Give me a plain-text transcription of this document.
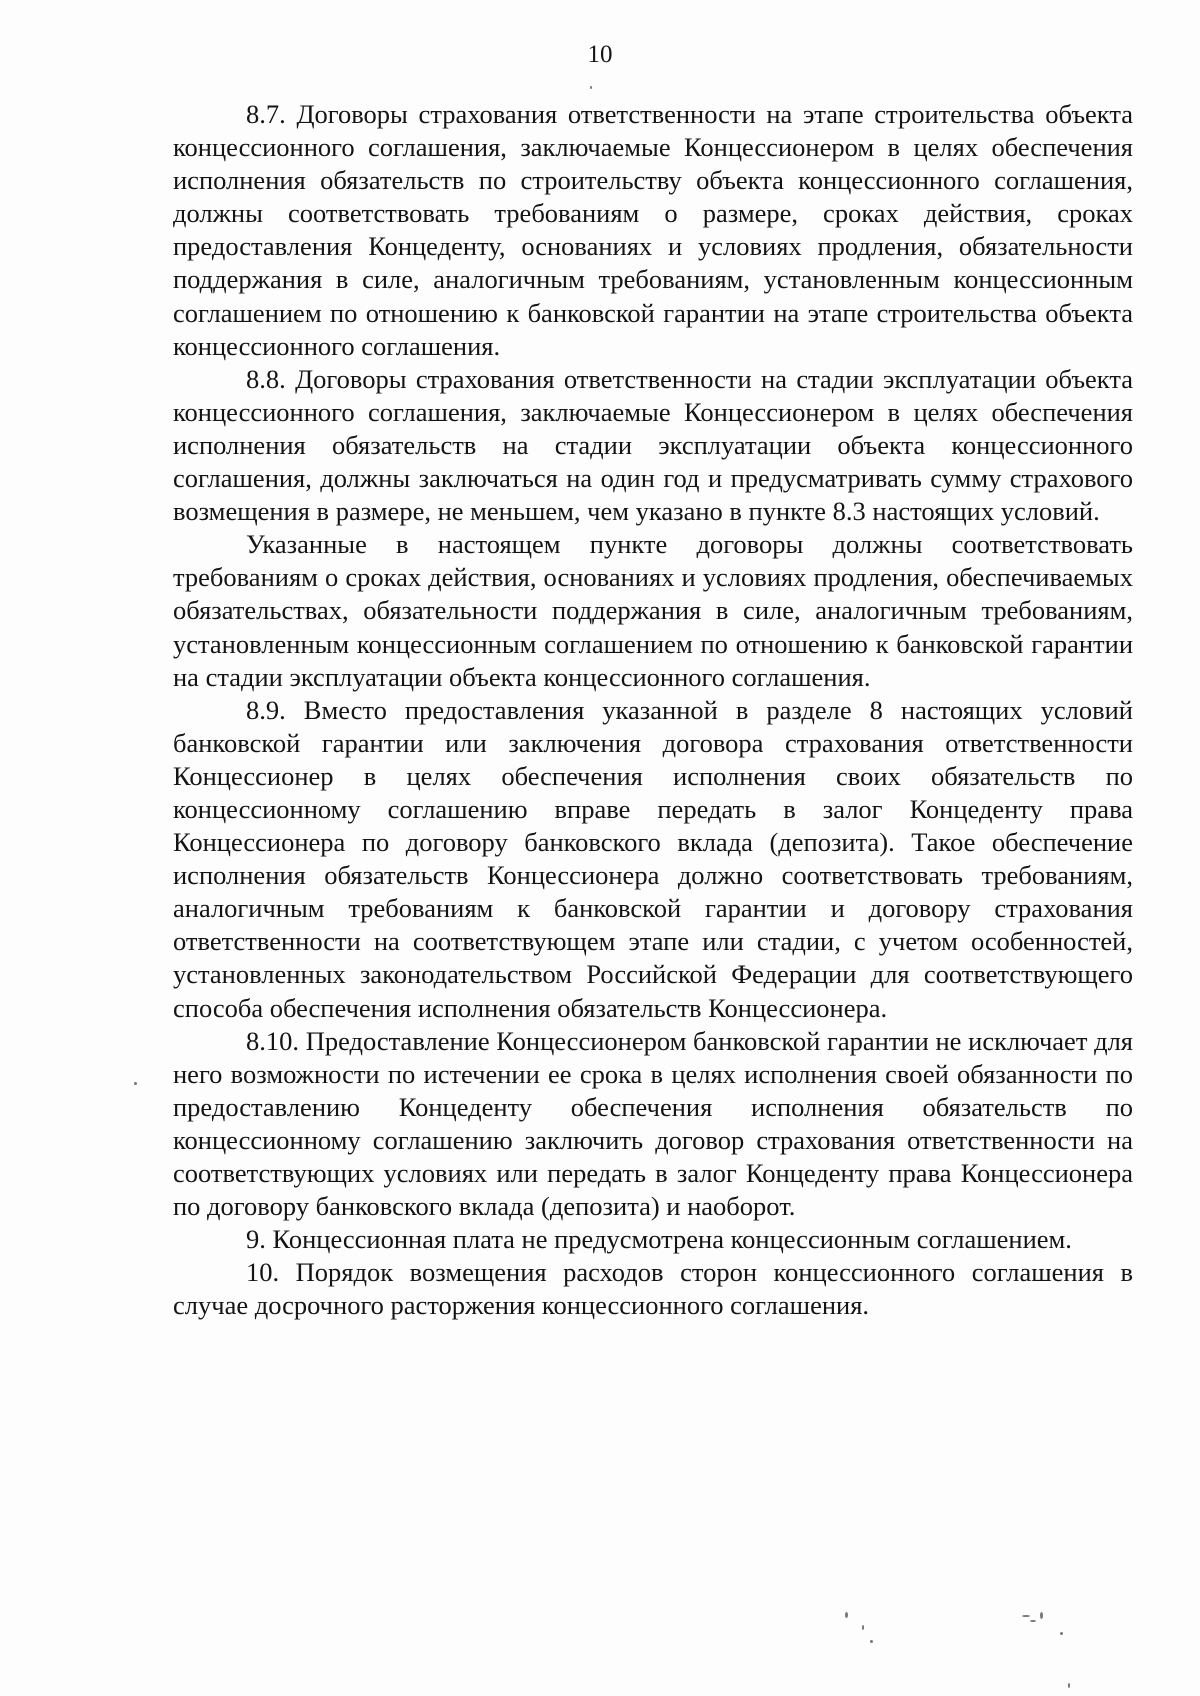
10

8.7. Договоры страхования ответственности на этапе строительства объекта концессионного соглашения, заключаемые Концессионером в целях обеспечения исполнения обязательств по строительству объекта концессионного соглашения, должны соответствовать требованиям о размере, сроках действия, сроках предоставления Концеденту, основаниях и условиях продления, обязательности поддержания в силе, аналогичным требованиям, установленным концессионным соглашением по отношению к банковской гарантии на этапе строительства объекта концессионного соглашения.

8.8. Договоры страхования ответственности на стадии эксплуатации объекта концессионного соглашения, заключаемые Концессионером в целях обеспечения исполнения обязательств на стадии эксплуатации объекта концессионного соглашения, должны заключаться на один год и предусматривать сумму страхового возмещения в размере, не меньшем, чем указано в пункте 8.3 настоящих условий.

Указанные в настоящем пункте договоры должны соответствовать требованиям о сроках действия, основаниях и условиях продления, обеспечиваемых обязательствах, обязательности поддержания в силе, аналогичным требованиям, установленным концессионным соглашением по отношению к банковской гарантии на стадии эксплуатации объекта концессионного соглашения.

8.9. Вместо предоставления указанной в разделе 8 настоящих условий банковской гарантии или заключения договора страхования ответственности Концессионер в целях обеспечения исполнения своих обязательств по концессионному соглашению вправе передать в залог Концеденту права Концессионера по договору банковского вклада (депозита). Такое обеспечение исполнения обязательств Концессионера должно соответствовать требованиям, аналогичным требованиям к банковской гарантии и договору страхования ответственности на соответствующем этапе или стадии, с учетом особенностей, установленных законодательством Российской Федерации для соответствующего способа обеспечения исполнения обязательств Концессионера.

8.10. Предоставление Концессионером банковской гарантии не исключает для него возможности по истечении ее срока в целях исполнения своей обязанности по предоставлению Концеденту обеспечения исполнения обязательств по концессионному соглашению заключить договор страхования ответственности на соответствующих условиях или передать в залог Концеденту права Концессионера по договору банковского вклада (депозита) и наоборот.

9. Концессионная плата не предусмотрена концессионным соглашением.

10. Порядок возмещения расходов сторон концессионного соглашения в случае досрочного расторжения концессионного соглашения.
